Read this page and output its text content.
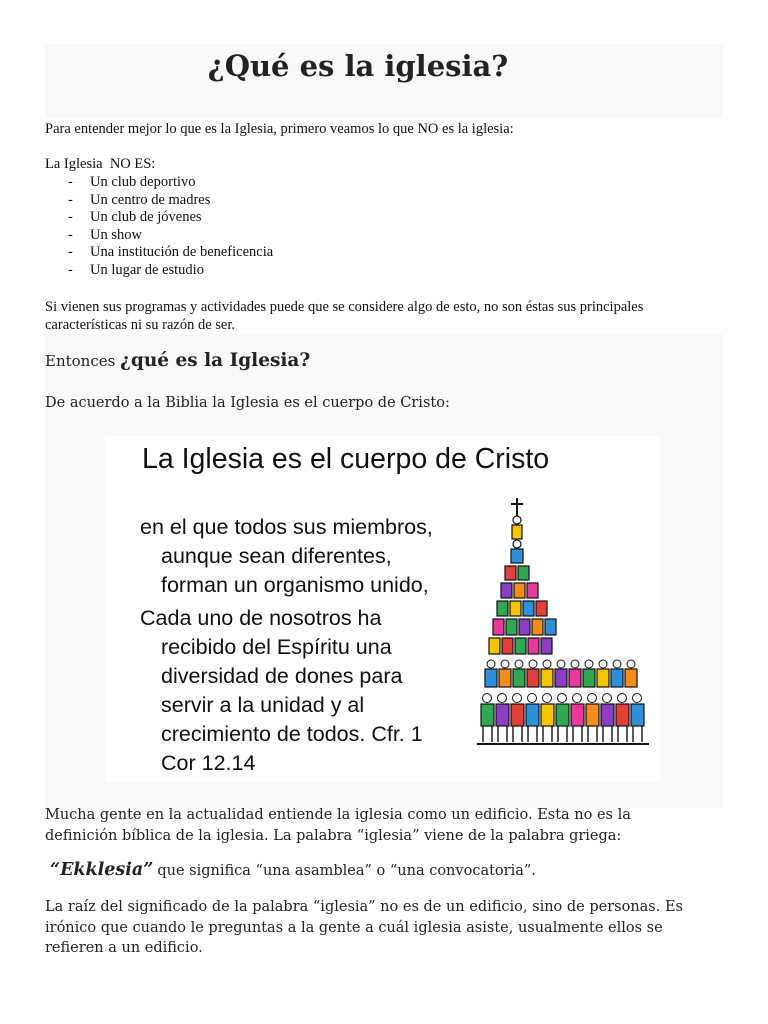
¿Qué es la iglesia?

Para entender mejor lo que es la Iglesia, primero veamos lo que NO es la iglesia:

La Iglesia  NO ES:

- Un club deportivo
- Un centro de madres
- Un club de jóvenes
- Un show
- Una institución de beneficencia
- Un lugar de estudio

Si vienen sus programas y actividades puede que se considere algo de esto, no son éstas sus principales
características ni su razón de ser.

Entonces ¿qué es la Iglesia?

De acuerdo a la Biblia la Iglesia es el cuerpo de Cristo:

La Iglesia es el cuerpo de Cristo
en el que todos sus miembros,
aunque sean diferentes,
forman un organismo unido,
Cada uno de nosotros ha
recibido del Espíritu una
diversidad de dones para
servir a la unidad y al
crecimiento de todos. Cfr. 1
Cor 12.14

Mucha gente en la actualidad entiende la iglesia como un edificio. Esta no es la
definición bíblica de la iglesia. La palabra “iglesia” viene de la palabra griega:

“Ekklesia” que significa “una asamblea” o “una convocatoria”.

La raíz del significado de la palabra “iglesia” no es de un edificio, sino de personas. Es
irónico que cuando le preguntas a la gente a cuál iglesia asiste, usualmente ellos se
refieren a un edificio.
